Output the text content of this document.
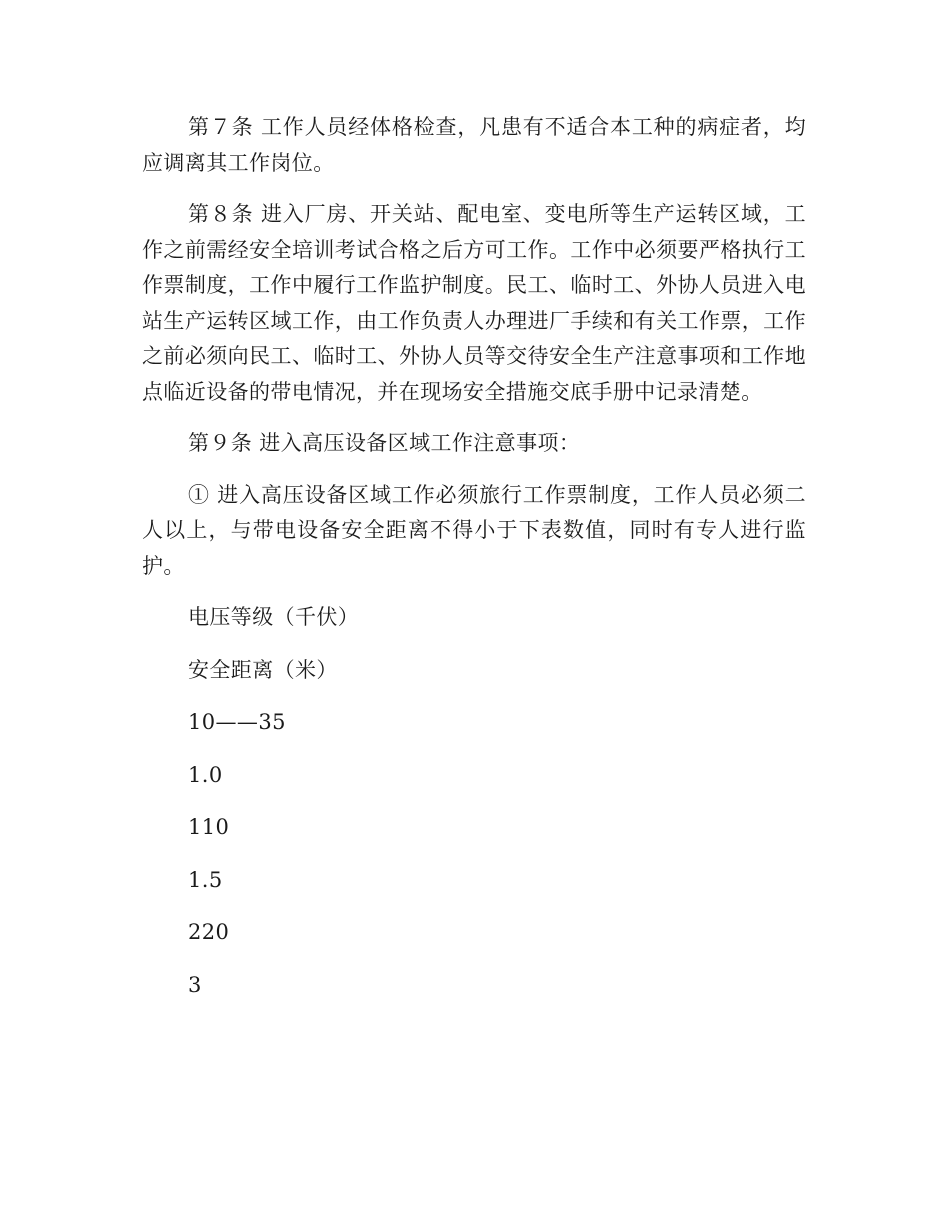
第７条 工作人员经体格检查，凡患有不适合本工种的病症者，均应调离其工作岗位。

第８条 进入厂房、开关站、配电室、变电所等生产运转区域，工作之前需经安全培训考试合格之后方可工作。工作中必须要严格执行工作票制度，工作中履行工作监护制度。民工、临时工、外协人员进入电站生产运转区域工作，由工作负责人办理进厂手续和有关工作票，工作之前必须向民工、临时工、外协人员等交待安全生产注意事项和工作地点临近设备的带电情况，并在现场安全措施交底手册中记录清楚。

第９条 进入高压设备区域工作注意事项：

① 进入高压设备区域工作必须旅行工作票制度，工作人员必须二人以上，与带电设备安全距离不得小于下表数值，同时有专人进行监护。

电压等级（千伏）

安全距离（米）

10——35

1.0

110

1.5

220

3
